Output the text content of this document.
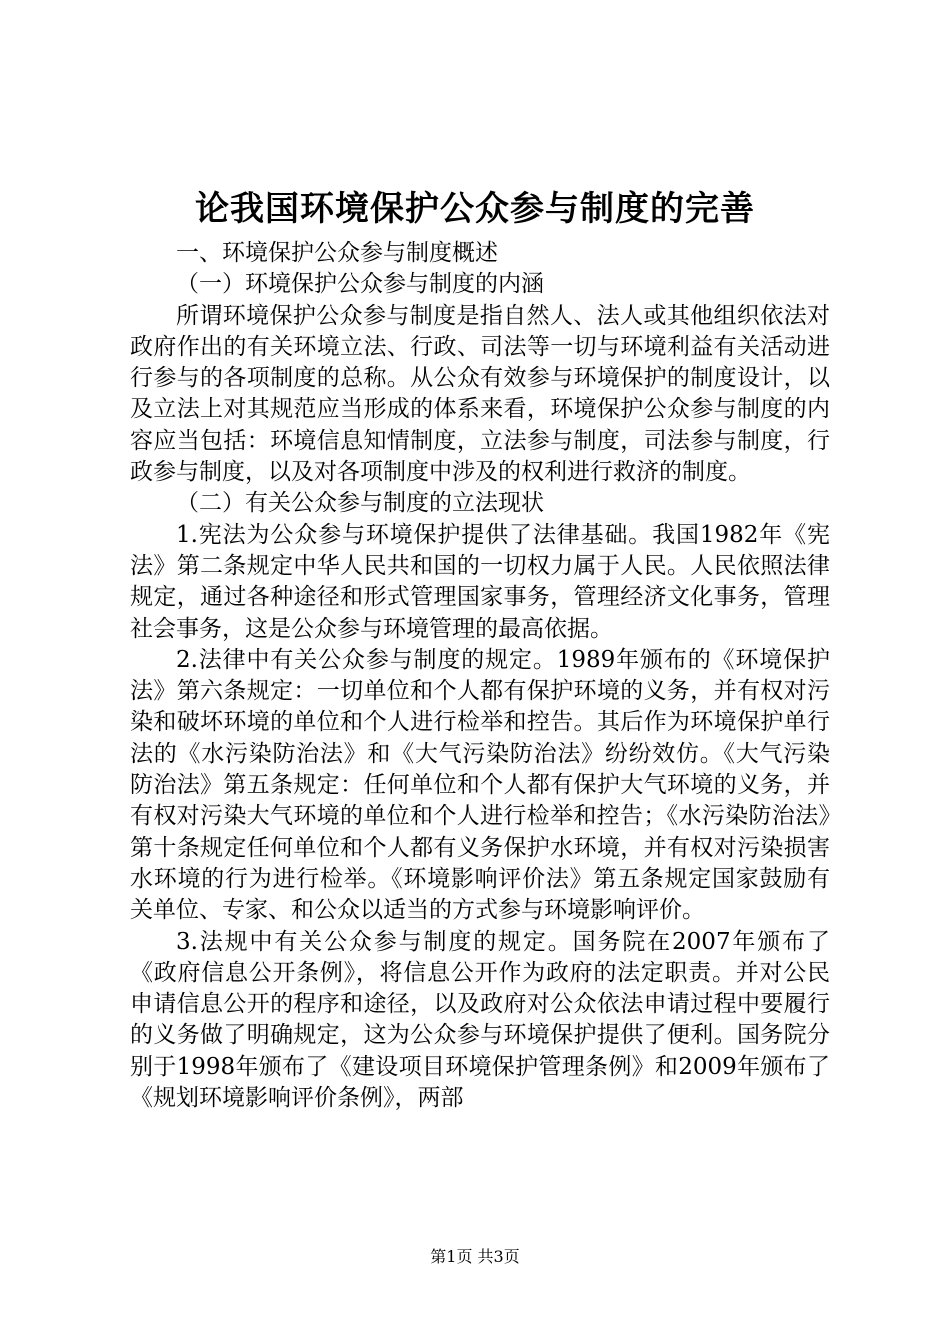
论我国环境保护公众参与制度的完善
一、环境保护公众参与制度概述
（一）环境保护公众参与制度的内涵
所谓环境保护公众参与制度是指自然人、法人或其他组织依法对政府作出的有关环境立法、行政、司法等一切与环境利益有关活动进行参与的各项制度的总称。从公众有效参与环境保护的制度设计，以及立法上对其规范应当形成的体系来看，环境保护公众参与制度的内容应当包括：环境信息知情制度，立法参与制度，司法参与制度，行政参与制度，以及对各项制度中涉及的权利进行救济的制度。
（二）有关公众参与制度的立法现状
1.宪法为公众参与环境保护提供了法律基础。我国1982年《宪法》第二条规定中华人民共和国的一切权力属于人民。人民依照法律规定，通过各种途径和形式管理国家事务，管理经济文化事务，管理社会事务，这是公众参与环境管理的最高依据。
2.法律中有关公众参与制度的规定。1989年颁布的《环境保护法》第六条规定：一切单位和个人都有保护环境的义务，并有权对污染和破坏环境的单位和个人进行检举和控告。其后作为环境保护单行法的《水污染防治法》和《大气污染防治法》纷纷效仿。《大气污染防治法》第五条规定：任何单位和个人都有保护大气环境的义务，并有权对污染大气环境的单位和个人进行检举和控告；《水污染防治法》第十条规定任何单位和个人都有义务保护水环境，并有权对污染损害水环境的行为进行检举。《环境影响评价法》第五条规定国家鼓励有关单位、专家、和公众以适当的方式参与环境影响评价。
3.法规中有关公众参与制度的规定。国务院在2007年颁布了《政府信息公开条例》，将信息公开作为政府的法定职责。并对公民申请信息公开的程序和途径，以及政府对公众依法申请过程中要履行的义务做了明确规定，这为公众参与环境保护提供了便利。国务院分别于1998年颁布了《建设项目环境保护管理条例》和2009年颁布了《规划环境影响评价条例》，两部
第1页 共3页
